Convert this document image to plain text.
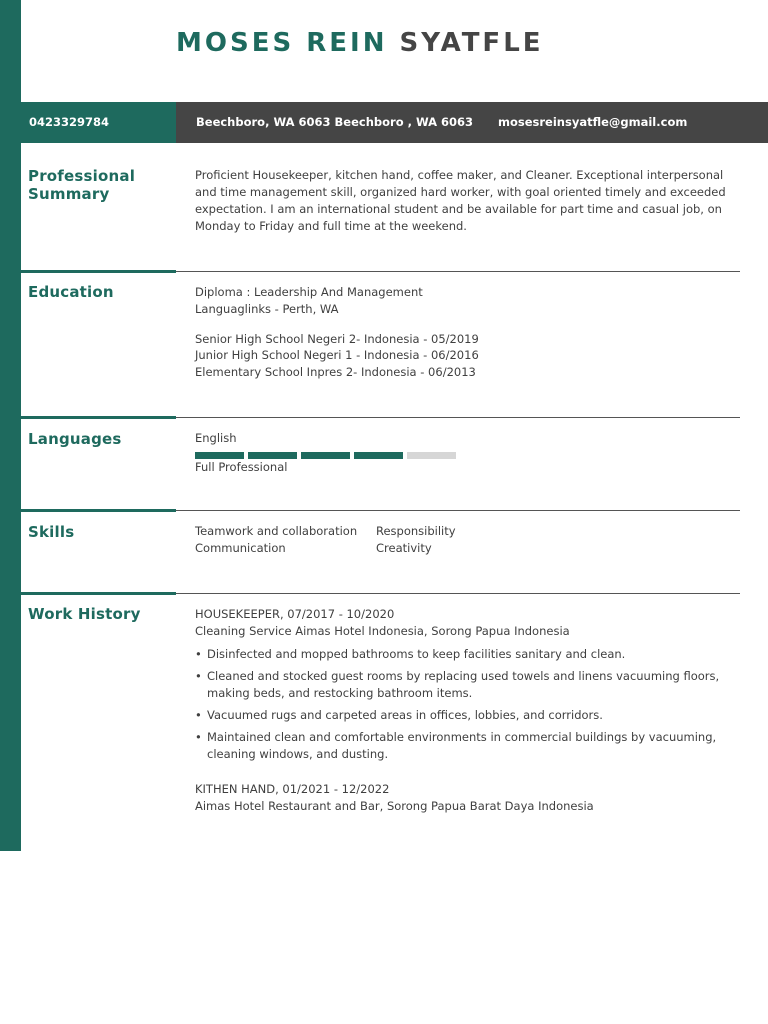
MOSES REIN SYATFLE
0423329784	Beechboro, WA 6063 Beechboro , WA 6063 mosesreinsyatfle@gmail.com
Professional
Summary
Proficient Housekeeper, kitchen hand, coffee maker, and Cleaner. Exceptional interpersonal and time management skill, organized hard worker, with goal oriented timely and exceeded expectation. I am an international student and be available for part time and casual job, on Monday to Friday and full time at the weekend.
Education	Diploma : Leadership And Management
Languaglinks - Perth, WA
Senior High School Negeri 2- Indonesia - 05/2019
Junior High School Negeri 1 - Indonesia - 06/2016
Elementary School Inpres 2- Indonesia - 06/2013
Languages	English
Full Professional
Skills	Teamwork and collaboration
Communication
Responsibility
Creativity
Work History	HOUSEKEEPER, 07/2017 - 10/2020
Cleaning Service Aimas Hotel Indonesia, Sorong Papua Indonesia
• Disinfected and mopped bathrooms to keep facilities sanitary and clean.
• Cleaned and stocked guest rooms by replacing used towels and linens vacuuming floors, making beds, and restocking bathroom items.
• Vacuumed rugs and carpeted areas in offices, lobbies, and corridors.
• Maintained clean and comfortable environments in commercial buildings by vacuuming, cleaning windows, and dusting.
KITHEN HAND, 01/2021 - 12/2022
Aimas Hotel Restaurant and Bar, Sorong Papua Barat Daya Indonesia
